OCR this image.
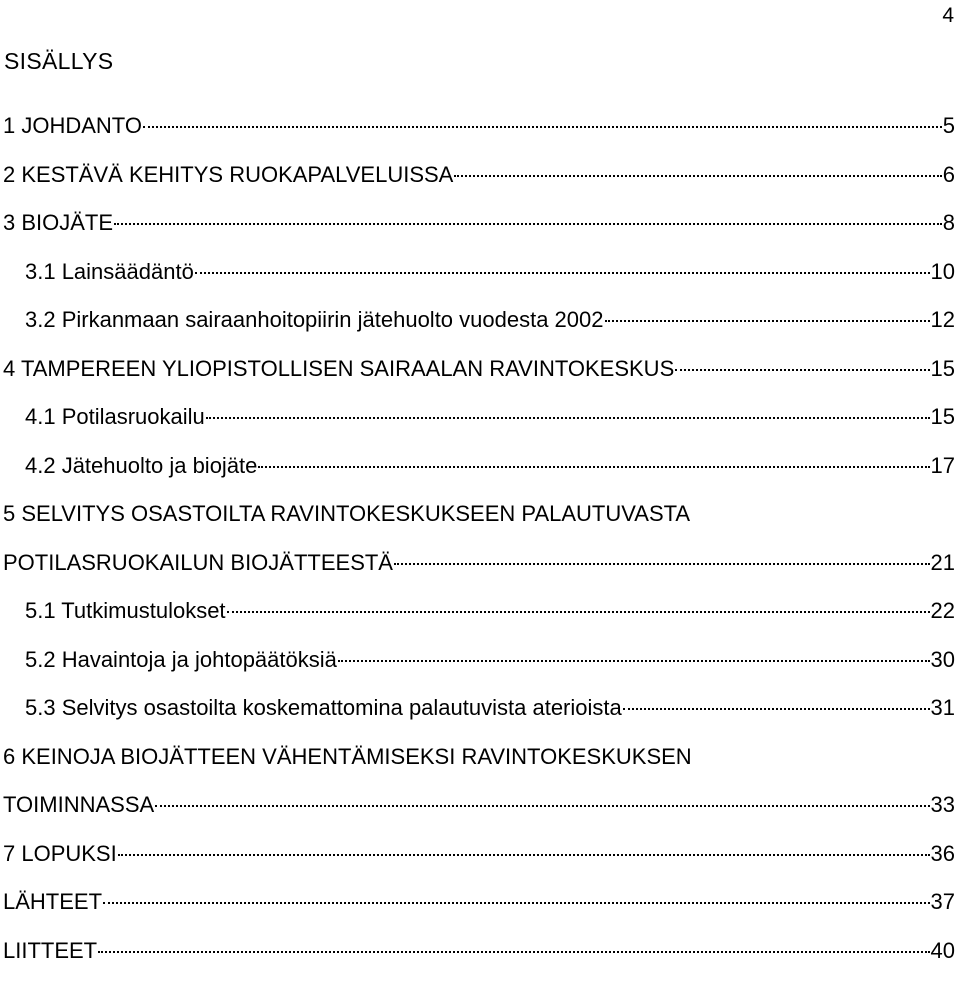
4
SISÄLLYS
1 JOHDANTO	5
2 KESTÄVÄ KEHITYS RUOKAPALVELUISSA	6
3 BIOJÄTE	8
3.1 Lainsäädäntö	10
3.2 Pirkanmaan sairaanhoitopiirin jätehuolto vuodesta 2002	12
4 TAMPEREEN YLIOPISTOLLISEN SAIRAALAN RAVINTOKESKUS	15
4.1 Potilasruokailu	15
4.2 Jätehuolto ja biojäte	17
5 SELVITYS OSASTOILTA RAVINTOKESKUKSEEN PALAUTUVASTA
POTILASRUOKAILUN BIOJÄTTEESTÄ	21
5.1 Tutkimustulokset	22
5.2 Havaintoja ja johtopäätöksiä	30
5.3 Selvitys osastoilta koskemattomina palautuvista aterioista	31
6 KEINOJA BIOJÄTTEEN VÄHENTÄMISEKSI RAVINTOKESKUKSEN
TOIMINNASSA	33
7 LOPUKSI	36
LÄHTEET	37
LIITTEET	40
